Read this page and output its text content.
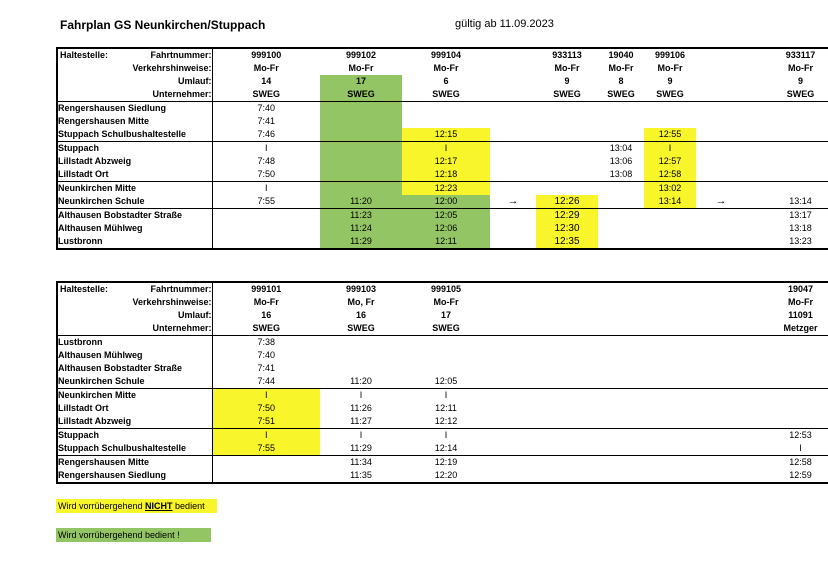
Fahrplan GS Neunkirchen/Stuppach	gültig ab 11.09.2023
Haltestelle: Fahrtnummer:	999100	999102	999104		933113	19040	999106		933117
Verkehrshinweise:	Mo-Fr	Mo-Fr	Mo-Fr		Mo-Fr	Mo-Fr	Mo-Fr		Mo-Fr
Umlauf:	14	17	6		9	8	9		9
Unternehmer:	SWEG	SWEG	SWEG		SWEG	SWEG	SWEG		SWEG
Rengershausen Siedlung	7:40								
Rengershausen Mitte	7:41								
Stuppach Schulbushaltestelle	7:46		12:15				12:55		
Stuppach	I		I			13:04	I		
Lillstadt Abzweig	7:48		12:17			13:06	12:57		
Lillstadt Ort	7:50		12:18			13:08	12:58		
Neunkirchen Mitte	I		12:23				13:02		
Neunkirchen Schule	7:55	11:20	12:00	→	12:26		13:14	→	13:14
Althausen Bobstadter Straße		11:23	12:05		12:29				13:17
Althausen Mühlweg		11:24	12:06		12:30				13:18
Lustbronn		11:29	12:11		12:35				13:23
Haltestelle: Fahrtnummer:	999101	999103	999105						19047
Verkehrshinweise:	Mo-Fr	Mo, Fr	Mo-Fr						Mo-Fr
Umlauf:	16	16	17						11091
Unternehmer:	SWEG	SWEG	SWEG						Metzger
Lustbronn	7:38								
Althausen Mühlweg	7:40								
Althausen Bobstadter Straße	7:41								
Neunkirchen Schule	7:44	11:20	12:05						
Neunkirchen Mitte	I	I	I						
Lillstadt Ort	7:50	11:26	12:11						
Lillstadt Abzweig	7:51	11:27	12:12						
Stuppach	I	I	I						12:53
Stuppach Schulbushaltestelle	7:55	11:29	12:14						I
Rengershausen Mitte		11:34	12:19						12:58
Rengershausen Siedlung		11:35	12:20						12:59
Wird vorrübergehend NICHT bedient
Wird vorrübergehend bedient !
